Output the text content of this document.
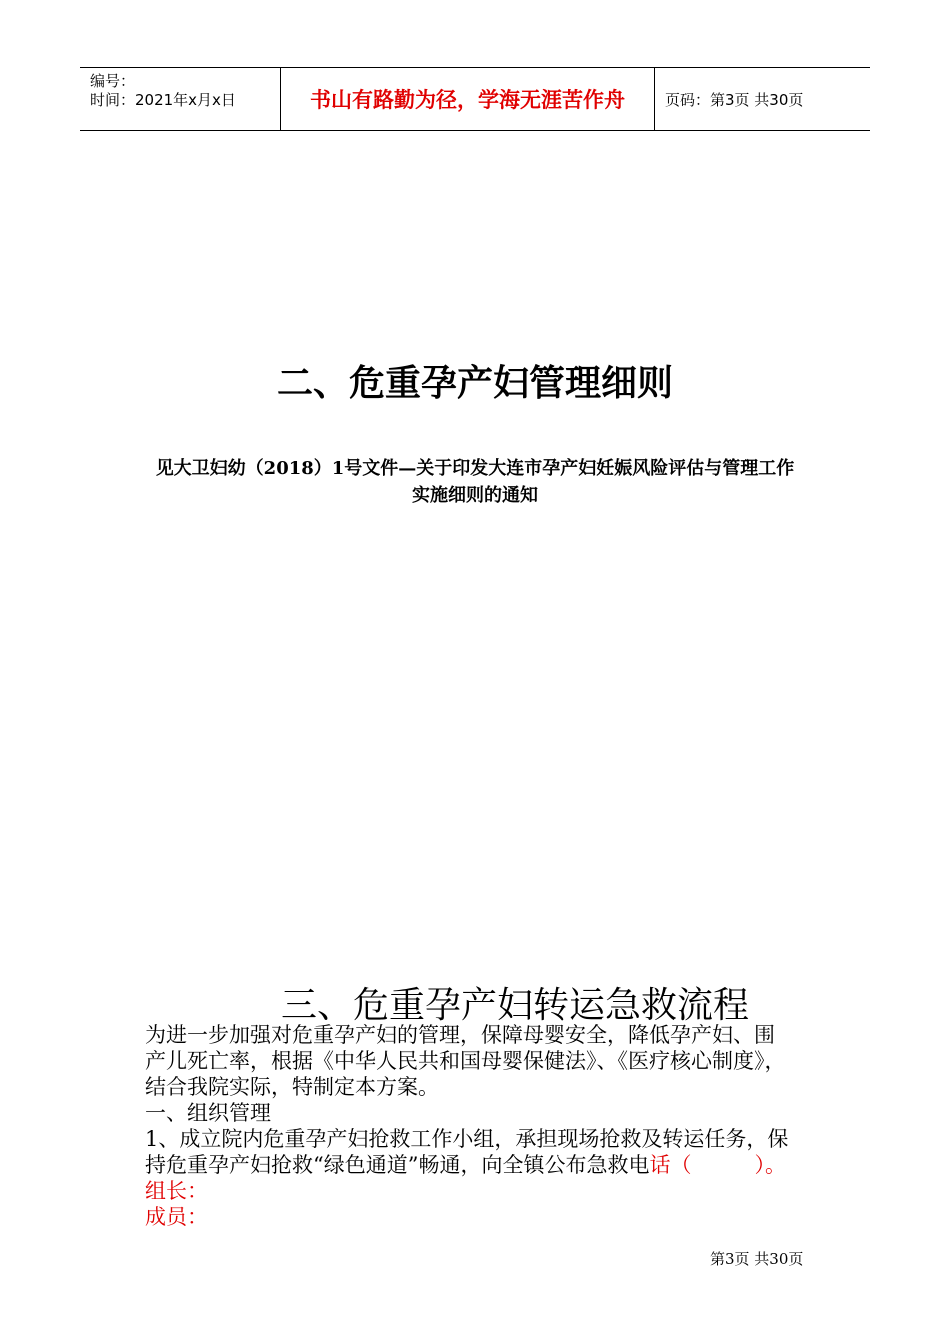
编号：
时间：2021年x月x日	书山有路勤为径，学海无涯苦作舟	页码：第3页 共30页
二、危重孕产妇管理细则
见大卫妇幼（2018）1号文件—关于印发大连市孕产妇妊娠风险评估与管理工作
实施细则的通知
三、危重孕产妇转运急救流程

为进一步加强对危重孕产妇的管理，保障母婴安全，降低孕产妇、围

产儿死亡率，根据《中华人民共和国母婴保健法》、《医疗核心制度》，

结合我院实际，特制定本方案。

一、组织管理

1、成立院内危重孕产妇抢救工作小组，承担现场抢救及转运任务，保

持危重孕产妇抢救“绿色通道”畅通，向全镇公布急救电话（　　　）。

组长：

成员：

第3页 共30页
